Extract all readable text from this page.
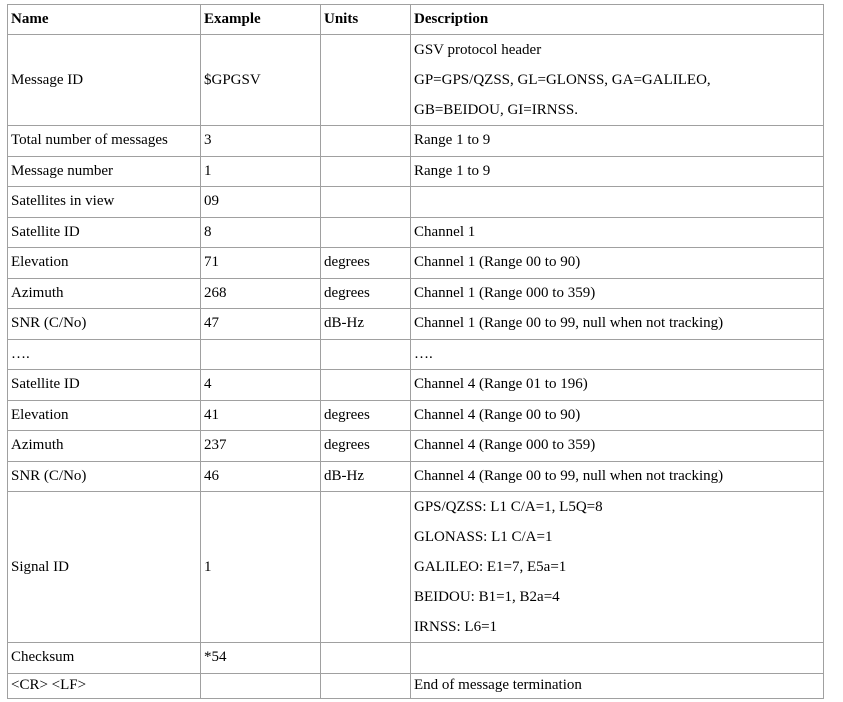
Name	Example	Units	Description
Message ID	$GPGSV		GSV protocol header
GP=GPS/QZSS, GL=GLONSS, GA=GALILEO,
GB=BEIDOU, GI=IRNSS.

Total number of messages	3		Range 1 to 9
Message number	1		Range 1 to 9
Satellites in view	09		
Satellite ID	8		Channel 1
Elevation	71	degrees	Channel 1 (Range 00 to 90)
Azimuth	268	degrees	Channel 1 (Range 000 to 359)
SNR (C/No)	47	dB-Hz	Channel 1 (Range 00 to 99, null when not tracking)
….			….
Satellite ID	4		Channel 4 (Range 01 to 196)
Elevation	41	degrees	Channel 4 (Range 00 to 90)
Azimuth	237	degrees	Channel 4 (Range 000 to 359)
SNR (C/No)	46	dB-Hz	Channel 4 (Range 00 to 99, null when not tracking)
Signal ID	1		GPS/QZSS: L1 C/A=1, L5Q=8
GLONASS: L1 C/A=1
GALILEO: E1=7, E5a=1
BEIDOU: B1=1, B2a=4
IRNSS: L6=1

Checksum	*54		
<CR> <LF>			End of message termination
